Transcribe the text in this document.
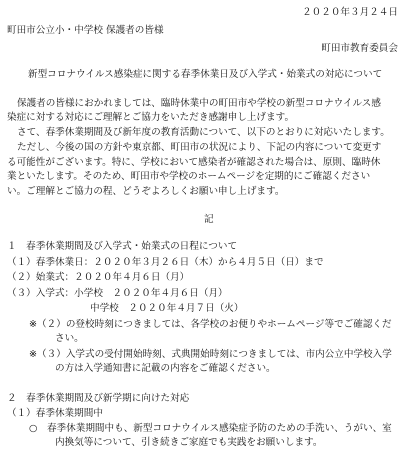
２０２０年３月２４日
町田市公立小・中学校 保護者の皆様
町田市教育委員会
新型コロナウイルス感染症に関する春季休業日及び入学式・始業式の対応について
保護者の皆様におかれましては、臨時休業中の町田市や学校の新型コロナウイルス感
染症に対する対応にご理解とご協力をいただき感謝申し上げます。
さて、春季休業期間及び新年度の教育活動について、以下のとおりに対応いたします。
ただし、今後の国の方針や東京都、町田市の状況により、下記の内容について変更す
る可能性がございます。特に、学校において感染者が確認された場合は、原則、臨時休
業といたします。そのため、町田市や学校のホームページを定期的にご確認ください
い。ご理解とご協力の程、どうぞよろしくお願い申し上げます。
記
１　春季休業期間及び入学式・始業式の日程について
（１）春季休業日：２０２０年３月２６日（木）から４月５日（日）まで
（２）始業式：２０２０年４月６日（月）
（３）入学式：小学校　２０２０年４月６日（月）
中学校　２０２０年４月７日（火）
※（２）の登校時刻につきましては、各学校のお便りやホームページ等でご確認くだ
さい。
※（３）入学式の受付開始時刻、式典開始時刻につきましては、市内公立中学校入学
の方は入学通知書に記載の内容をご確認ください。
２　春季休業期間及び新学期に向けた対応
（１）春季休業期間中
○　春季休業期間中も、新型コロナウイルス感染症予防のための手洗い、うがい、室
内換気等について、引き続きご家庭でも実践をお願いします。
